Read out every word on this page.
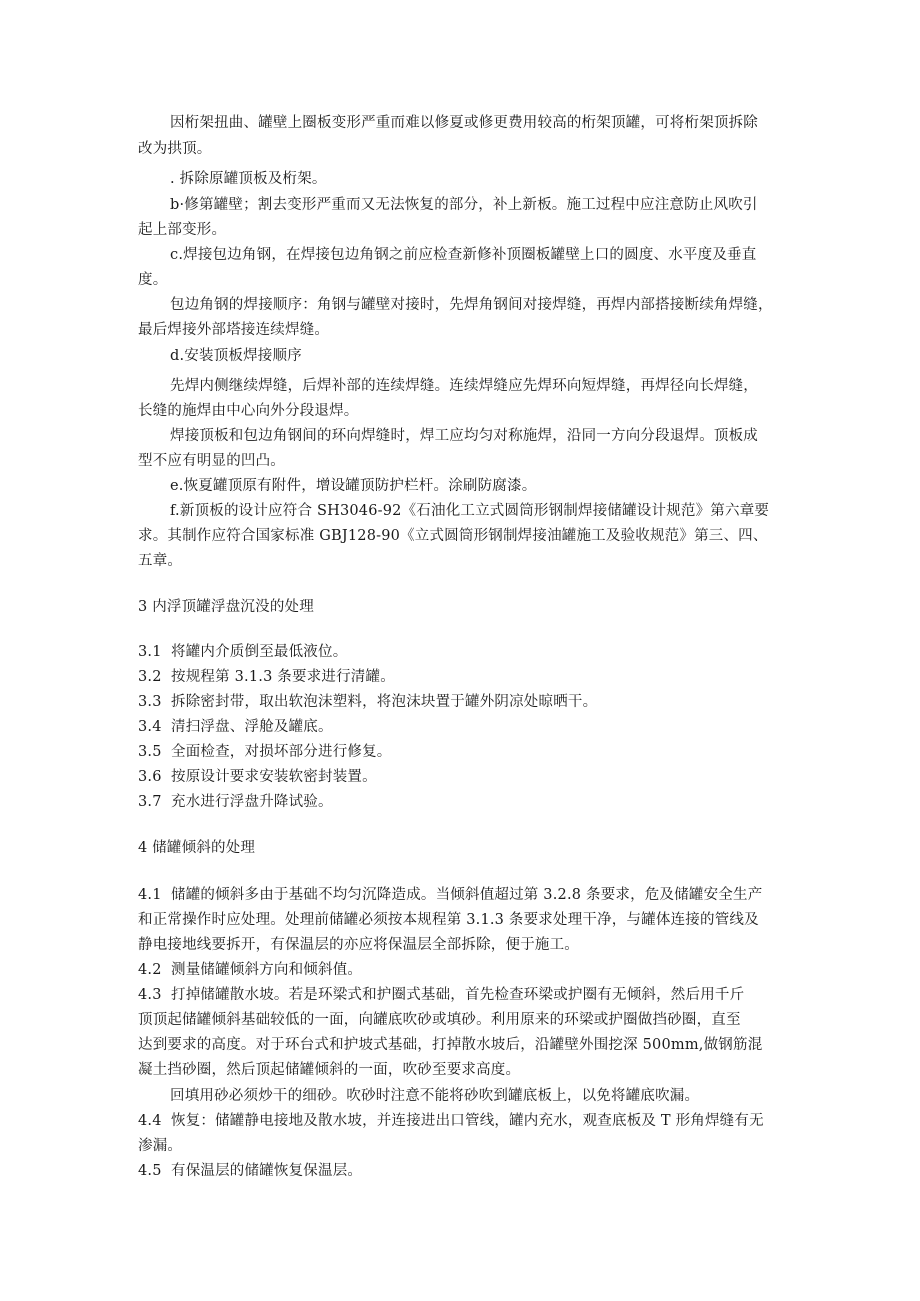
因桁架扭曲、罐壁上圈板变形严重而难以修夏或修更费用较高的桁架顶罐，可将桁架顶拆除
改为拱顶。
. 拆除原罐顶板及桁架。
b·修第罐壁；割去变形严重而又无法恢复的部分，补上新板。施工过程中应注意防止风吹引
起上部变形。
c.焊接包边角钢，在焊接包边角钢之前应检查新修补顶圈板罐壁上口的圆度、水平度及垂直
度。
包边角钢的焊接顺序：角钢与罐壁对接时，先焊角钢间对接焊缝，再焊内部搭接断续角焊缝，
最后焊接外部塔接连续焊缝。
d.安装顶板焊接顺序
先焊内侧继续焊缝，后焊补部的连续焊缝。连续焊缝应先焊环向短焊缝，再焊径向长焊缝，
长缝的施焊由中心向外分段退焊。
焊接顶板和包边角钢间的环向焊缝时，焊工应均匀对称施焊，沿同一方向分段退焊。顶板成
型不应有明显的凹凸。
e.恢夏罐顶原有附件，增设罐顶防护栏杆。涂刷防腐漆。
f.新顶板的设计应符合 SH3046-92《石油化工立式圆筒形钢制焊接储罐设计规范》第六章要
求。其制作应符合国家标准 GBJ128-90《立式圆筒形钢制焊接油罐施工及验收规范》第三、四、
五章。
3 内浮顶罐浮盘沉没的处理
3.1 将罐内介质倒至最低液位。
3.2 按规程第 3.1.3 条要求进行清罐。
3.3 拆除密封带，取出软泡沫塑料，将泡沫块置于罐外阴凉处晾晒干。
3.4 清扫浮盘、浮舱及罐底。
3.5 全面检查，对损坏部分进行修复。
3.6 按原设计要求安装软密封装置。
3.7 充水进行浮盘升降试验。
4 储罐倾斜的处理
4.1 储罐的倾斜多由于基础不均匀沉降造成。当倾斜值超过第 3.2.8 条要求，危及储罐安全生产
和正常操作时应处理。处理前储罐必须按本规程第 3.1.3 条要求处理干净，与罐体连接的管线及
静电接地线要拆开，有保温层的亦应将保温层全部拆除，便于施工。
4.2 测量储罐倾斜方向和倾斜值。
4.3 打掉储罐散水坡。若是环梁式和护圈式基础，首先检查环梁或护圈有无倾斜，然后用千斤
顶顶起储罐倾斜基础较低的一面，向罐底吹砂或填砂。利用原来的环梁或护圈做挡砂圈，直至
达到要求的高度。对于环台式和护坡式基础，打掉散水坡后，沿罐壁外围挖深 500mm,做钢筋混
凝土挡砂圈，然后顶起储罐倾斜的一面，吹砂至要求高度。
回填用砂必须炒干的细砂。吹砂时注意不能将砂吹到罐底板上，以免将罐底吹漏。
4.4 恢复：储罐静电接地及散水坡，并连接进出口管线，罐内充水，观查底板及 T 形角焊缝有无
渗漏。
4.5 有保温层的储罐恢复保温层。
